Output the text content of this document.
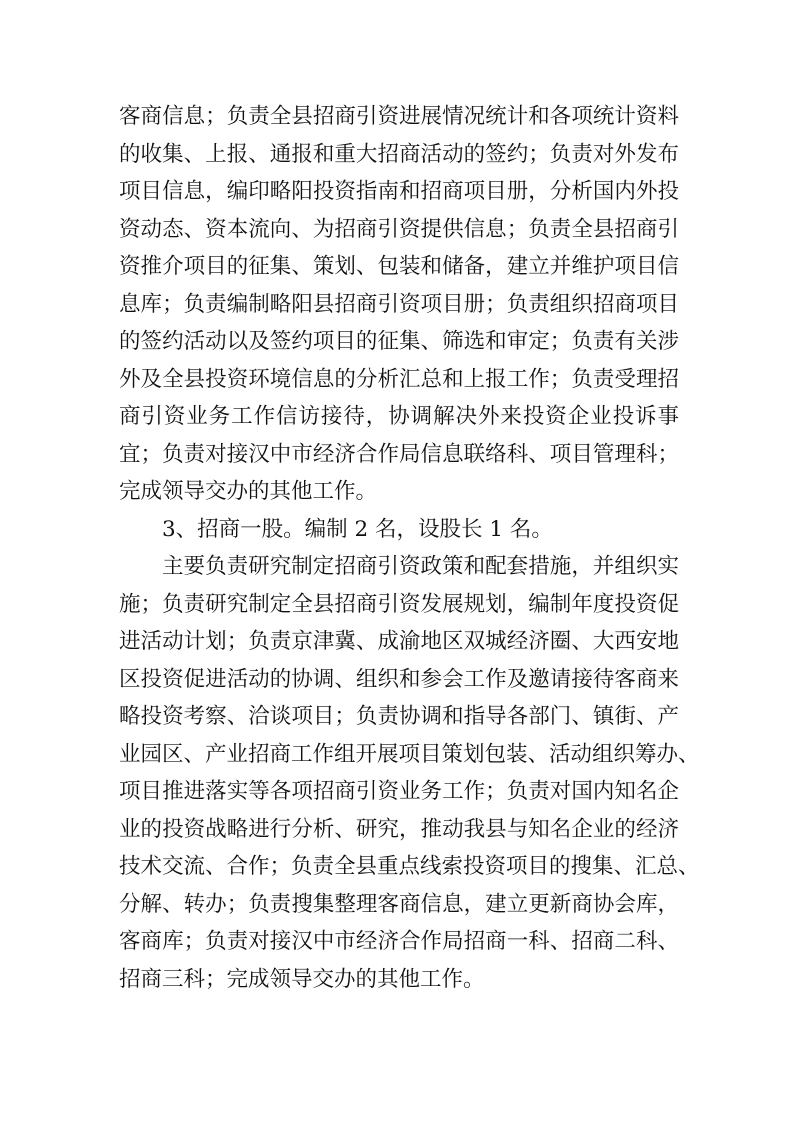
客商信息；负责全县招商引资进展情况统计和各项统计资料
的收集、上报、通报和重大招商活动的签约；负责对外发布
项目信息，编印略阳投资指南和招商项目册，分析国内外投
资动态、资本流向、为招商引资提供信息；负责全县招商引
资推介项目的征集、策划、包装和储备，建立并维护项目信
息库；负责编制略阳县招商引资项目册；负责组织招商项目
的签约活动以及签约项目的征集、筛选和审定；负责有关涉
外及全县投资环境信息的分析汇总和上报工作；负责受理招
商引资业务工作信访接待，协调解决外来投资企业投诉事
宜；负责对接汉中市经济合作局信息联络科、项目管理科；
完成领导交办的其他工作。
3、招商一股。编制 2 名，设股长 1 名。
主要负责研究制定招商引资政策和配套措施，并组织实
施；负责研究制定全县招商引资发展规划，编制年度投资促
进活动计划；负责京津冀、成渝地区双城经济圈、大西安地
区投资促进活动的协调、组织和参会工作及邀请接待客商来
略投资考察、洽谈项目；负责协调和指导各部门、镇街、产
业园区、产业招商工作组开展项目策划包装、活动组织筹办、
项目推进落实等各项招商引资业务工作；负责对国内知名企
业的投资战略进行分析、研究，推动我县与知名企业的经济
技术交流、合作；负责全县重点线索投资项目的搜集、汇总、
分解、转办；负责搜集整理客商信息，建立更新商协会库，
客商库；负责对接汉中市经济合作局招商一科、招商二科、
招商三科；完成领导交办的其他工作。
